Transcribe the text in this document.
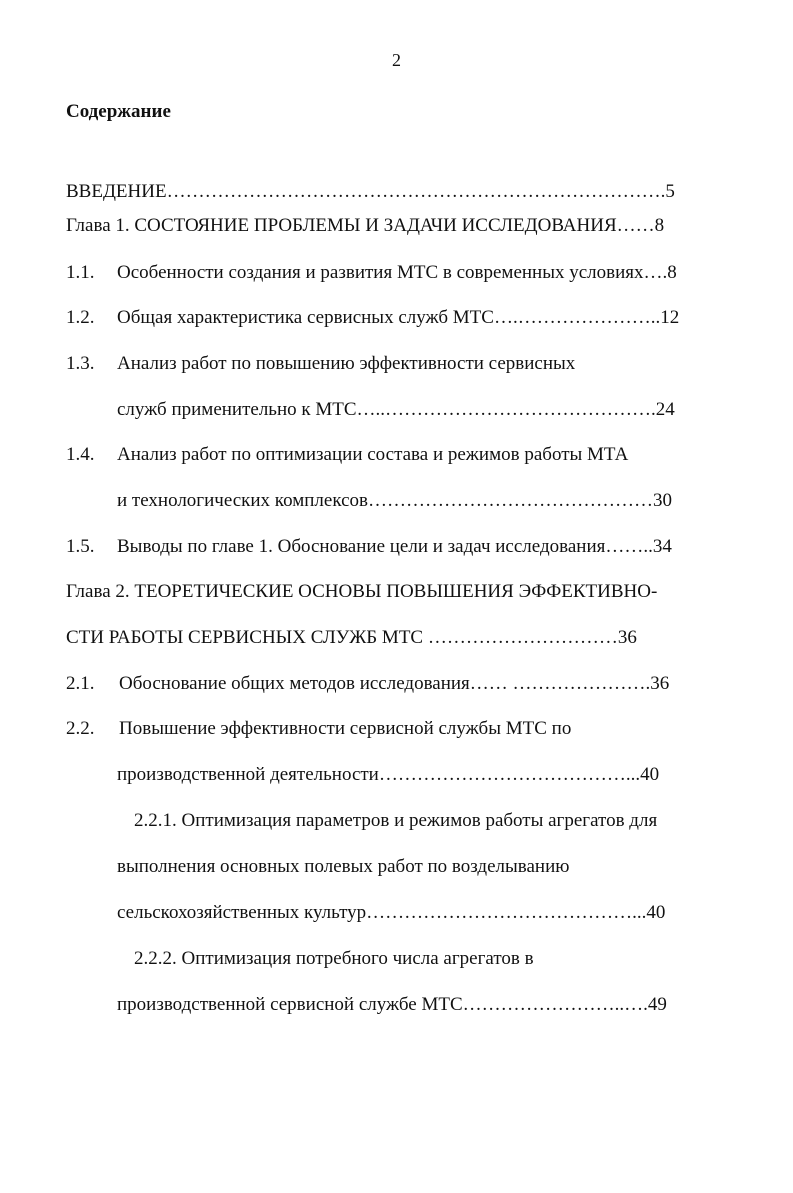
2
Содержание
ВВЕДЕНИЕ…………………………………………………………………….5
Глава 1. СОСТОЯНИЕ ПРОБЛЕМЫ И ЗАДАЧИ ИССЛЕДОВАНИЯ……8
1.1. Особенности создания и развития МТС в современных условиях….8
1.2. Общая характеристика сервисных служб МТС….…………………..12
1.3. Анализ работ по повышению эффективности сервисных
служб применительно к МТС…..…………………………………….24
1.4. Анализ работ по оптимизации состава и режимов работы МТА
и технологических комплексов………………………………………30
1.5. Выводы по главе 1. Обоснование цели и задач исследования……..34
Глава 2. ТЕОРЕТИЧЕСКИЕ ОСНОВЫ ПОВЫШЕНИЯ ЭФФЕКТИВНО-
СТИ РАБОТЫ СЕРВИСНЫХ СЛУЖБ МТС …………………………36
2.1. Обоснование общих методов исследования…… ………………….36
2.2. Повышение эффективности сервисной службы МТС по
производственной деятельности…………………………………...40
2.2.1. Оптимизация параметров и режимов работы агрегатов для
выполнения основных полевых работ по возделыванию
сельскохозяйственных культур……………………………………...40
2.2.2. Оптимизация потребного числа агрегатов в
производственной сервисной службе МТС……………………..….49
